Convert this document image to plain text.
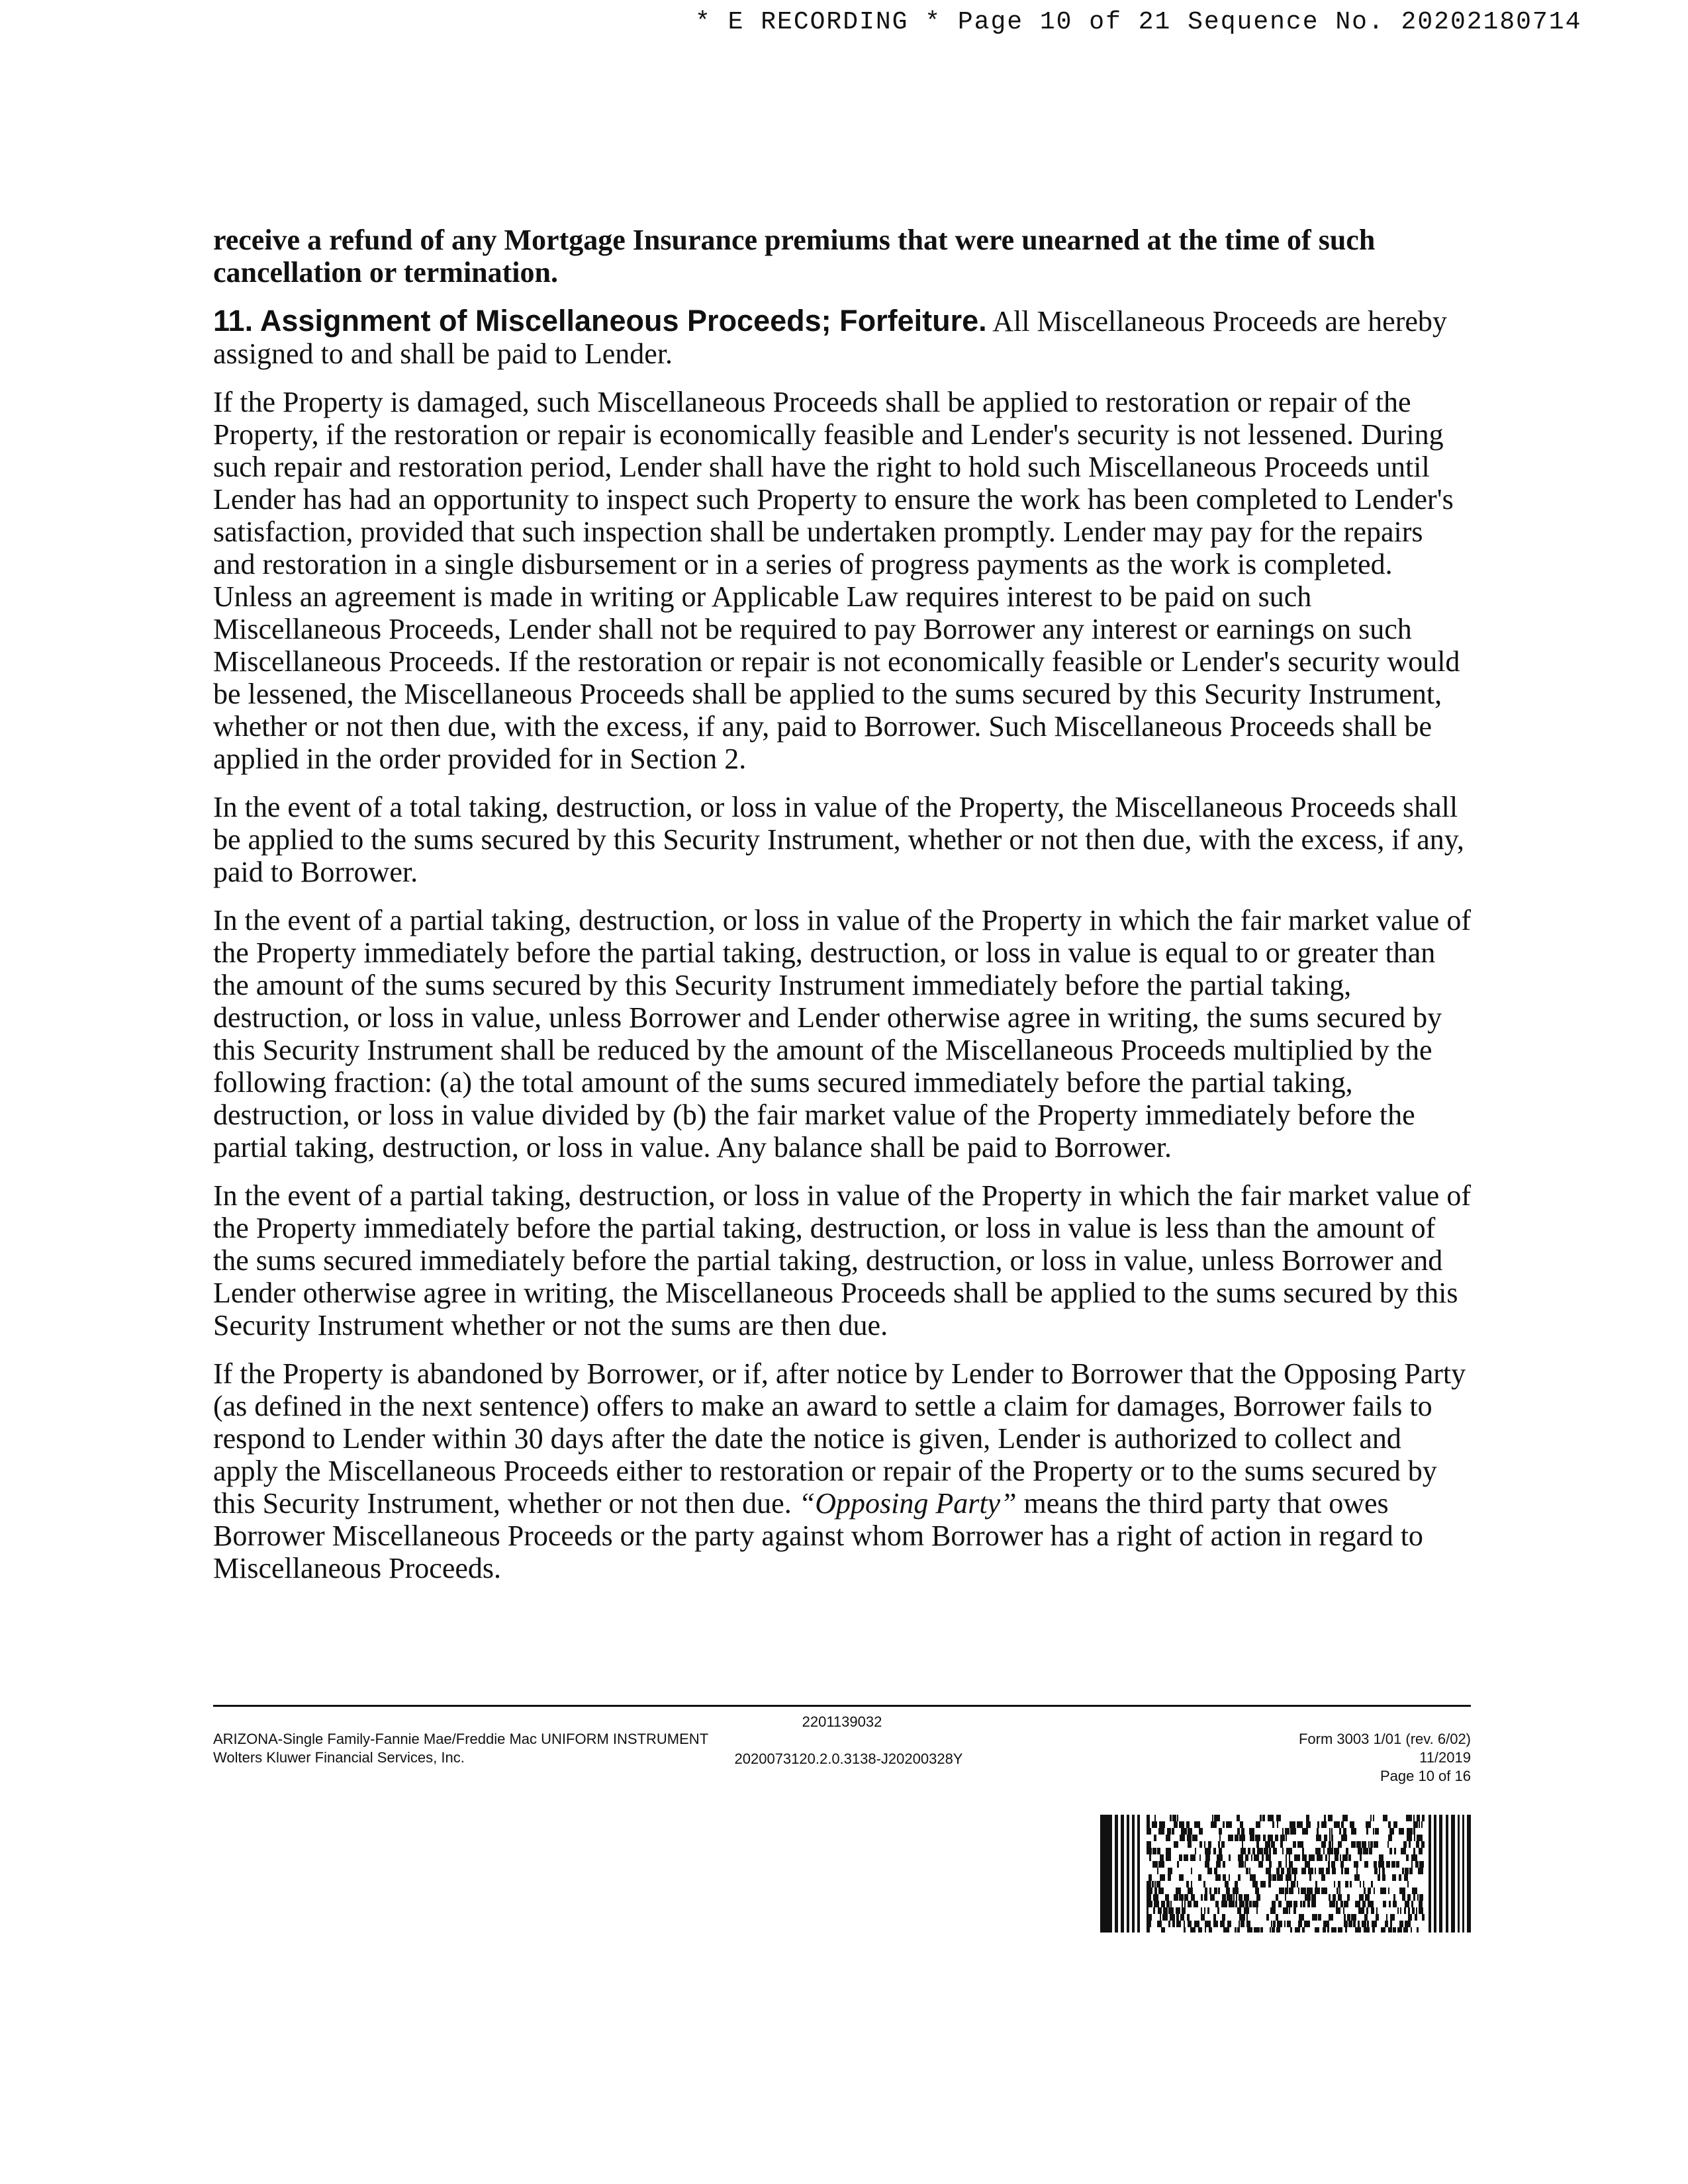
* E RECORDING * Page 10 of 21 Sequence No. 20202180714

receive a refund of any Mortgage Insurance premiums that were unearned at the time of such cancellation or termination.

11. Assignment of Miscellaneous Proceeds; Forfeiture. All Miscellaneous Proceeds are hereby assigned to and shall be paid to Lender.

If the Property is damaged, such Miscellaneous Proceeds shall be applied to restoration or repair of the Property, if the restoration or repair is economically feasible and Lender's security is not lessened. During such repair and restoration period, Lender shall have the right to hold such Miscellaneous Proceeds until Lender has had an opportunity to inspect such Property to ensure the work has been completed to Lender's satisfaction, provided that such inspection shall be undertaken promptly. Lender may pay for the repairs and restoration in a single disbursement or in a series of progress payments as the work is completed. Unless an agreement is made in writing or Applicable Law requires interest to be paid on such Miscellaneous Proceeds, Lender shall not be required to pay Borrower any interest or earnings on such Miscellaneous Proceeds. If the restoration or repair is not economically feasible or Lender's security would be lessened, the Miscellaneous Proceeds shall be applied to the sums secured by this Security Instrument, whether or not then due, with the excess, if any, paid to Borrower. Such Miscellaneous Proceeds shall be applied in the order provided for in Section 2.

In the event of a total taking, destruction, or loss in value of the Property, the Miscellaneous Proceeds shall be applied to the sums secured by this Security Instrument, whether or not then due, with the excess, if any, paid to Borrower.

In the event of a partial taking, destruction, or loss in value of the Property in which the fair market value of the Property immediately before the partial taking, destruction, or loss in value is equal to or greater than the amount of the sums secured by this Security Instrument immediately before the partial taking, destruction, or loss in value, unless Borrower and Lender otherwise agree in writing, the sums secured by this Security Instrument shall be reduced by the amount of the Miscellaneous Proceeds multiplied by the following fraction: (a) the total amount of the sums secured immediately before the partial taking, destruction, or loss in value divided by (b) the fair market value of the Property immediately before the partial taking, destruction, or loss in value. Any balance shall be paid to Borrower.

In the event of a partial taking, destruction, or loss in value of the Property in which the fair market value of the Property immediately before the partial taking, destruction, or loss in value is less than the amount of the sums secured immediately before the partial taking, destruction, or loss in value, unless Borrower and Lender otherwise agree in writing, the Miscellaneous Proceeds shall be applied to the sums secured by this Security Instrument whether or not the sums are then due.

If the Property is abandoned by Borrower, or if, after notice by Lender to Borrower that the Opposing Party (as defined in the next sentence) offers to make an award to settle a claim for damages, Borrower fails to respond to Lender within 30 days after the date the notice is given, Lender is authorized to collect and apply the Miscellaneous Proceeds either to restoration or repair of the Property or to the sums secured by this Security Instrument, whether or not then due. “Opposing Party” means the third party that owes Borrower Miscellaneous Proceeds or the party against whom Borrower has a right of action in regard to Miscellaneous Proceeds.

2201139032
ARIZONA-Single Family-Fannie Mae/Freddie Mac UNIFORM INSTRUMENT
Wolters Kluwer Financial Services, Inc.	2020073120.2.0.3138-J20200328Y
Form 3003 1/01 (rev. 6/02)
11/2019
Page 10 of 16
